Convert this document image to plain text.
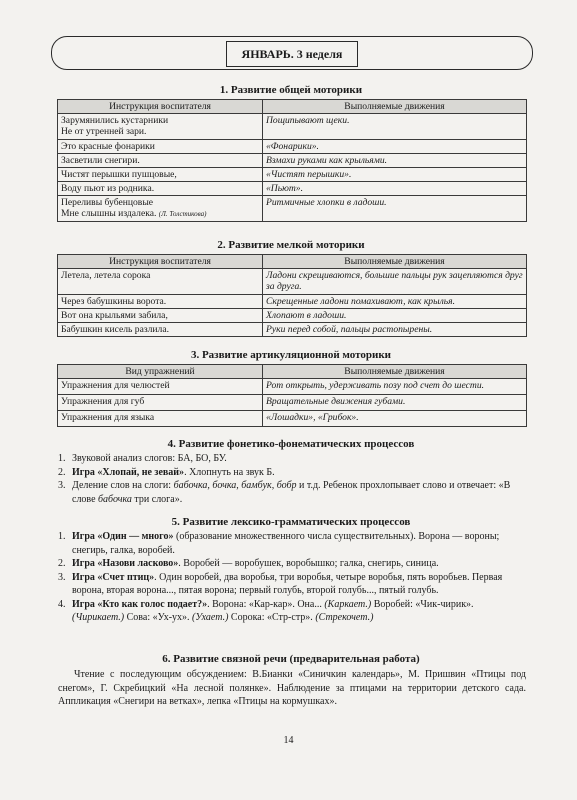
ЯНВАРЬ. 3 неделя
1. Развитие общей моторики
Инструкция воспитателя	Выполняемые движения
Зарумянились кустарники
Не от утренней зари.	Пощипывают щеки.
Это красные фонарики	«Фонарики».
Засветили снегири.	Взмахи руками как крыльями.
Чистят перышки пушцовые,	«Чистят перышки».
Воду пьют из родника.	«Пьют».
Переливы бубенцовые
Мне слышны издалека. (Л. Толстикова)	Ритмичные хлопки в ладоши.
2. Развитие мелкой моторики
Инструкция воспитателя	Выполняемые движения
Летела, летела сорока	Ладони скрещиваются, большие пальцы рук зацепляются друг за друга.
Через бабушкины ворота.	Скрещенные ладони помахивают, как крылья.
Вот она крыльями забила,	Хлопают в ладоши.
Бабушкин кисель разлила.	Руки перед собой, пальцы растопырены.
3. Развитие артикуляционной моторики
Вид упражнений	Выполняемые движения
Упражнения для челюстей	Рот открыть, удерживать позу под счет до шести.
Упражнения для губ	Вращательные движения губами.
Упражнения для языка	«Лошадки», «Грибок».
4. Развитие фонетико-фонематических процессов
1. Звуковой анализ слогов: БА, БО, БУ.
2. Игра «Хлопай, не зевай». Хлопнуть на звук Б.
3. Деление слов на слоги: бабочка, бочка, бамбук, бобр и т.д. Ребенок прохлопывает слово и отвечает: «В слове бабочка три слога».
5. Развитие лексико-грамматических процессов
1. Игра «Один — много» (образование множественного числа существительных). Ворона — вороны; снегирь, галка, воробей.
2. Игра «Назови ласково». Воробей — воробушек, воробышко; галка, снегирь, синица.
3. Игра «Счет птиц». Один воробей, два воробья, три воробья, четыре воробья, пять воробьев. Первая ворона, вторая ворона..., пятая ворона; первый голубь, второй голубь..., пятый голубь.
4. Игра «Кто как голос подает?». Ворона: «Кар-кар». Она... (Каркает.) Воробей: «Чик-чирик». (Чирикает.) Сова: «Ух-ух». (Ухает.) Сорока: «Стр-стр». (Стрекочет.)
6. Развитие связной речи (предварительная работа)
Чтение с последующим обсуждением: В.Бианки «Синичкин календарь», М. Пришвин «Птицы под снегом», Г. Скребицкий «На лесной полянке». Наблюдение за птицами на территории детского сада. Аппликация «Снегири на ветках», лепка «Птицы на кормушках».
14
